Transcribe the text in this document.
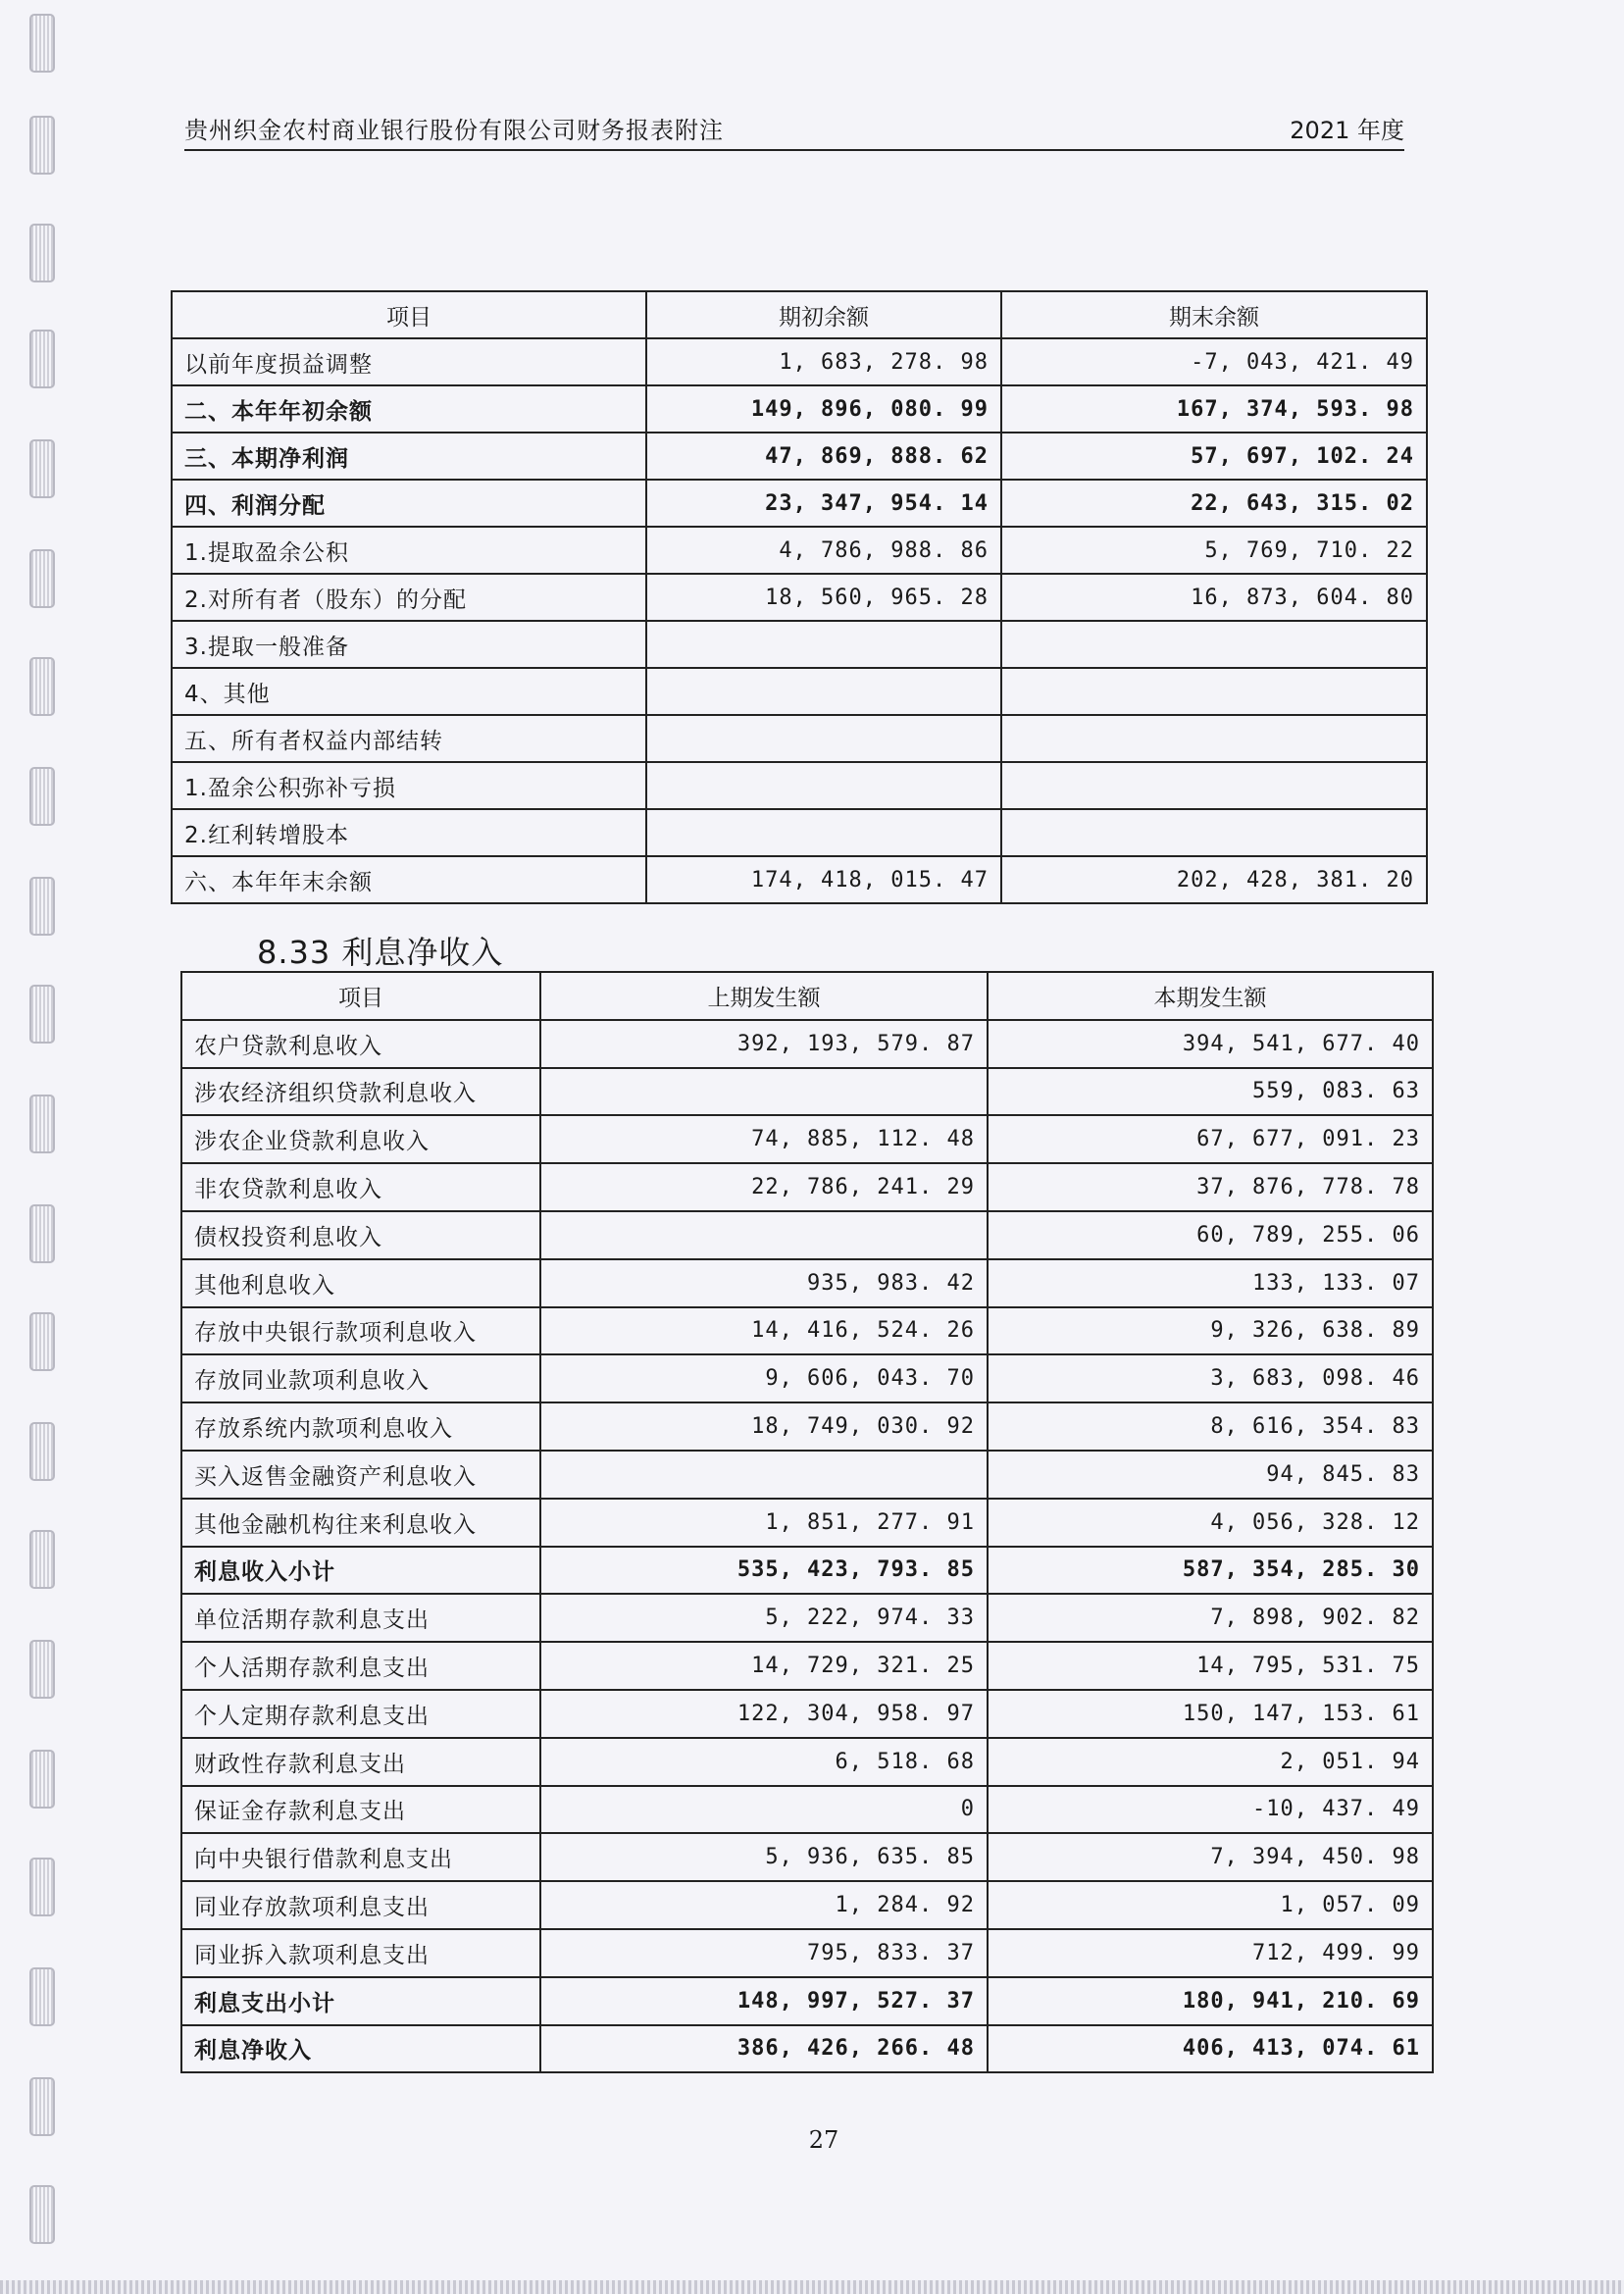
贵州织金农村商业银行股份有限公司财务报表附注	2021 年度
项目	期初余额	期末余额
以前年度损益调整	1, 683, 278. 98	-7, 043, 421. 49
二、本年年初余额	149, 896, 080. 99	167, 374, 593. 98
三、本期净利润	47, 869, 888. 62	57, 697, 102. 24
四、利润分配	23, 347, 954. 14	22, 643, 315. 02
1.提取盈余公积	4, 786, 988. 86	5, 769, 710. 22
2.对所有者（股东）的分配	18, 560, 965. 28	16, 873, 604. 80
3.提取一般准备		
4、其他		
五、所有者权益内部结转		
1.盈余公积弥补亏损		
2.红利转增股本		
六、本年年末余额	174, 418, 015. 47	202, 428, 381. 20
8.33 利息净收入
项目	上期发生额	本期发生额
农户贷款利息收入	392, 193, 579. 87	394, 541, 677. 40
涉农经济组织贷款利息收入		559, 083. 63
涉农企业贷款利息收入	74, 885, 112. 48	67, 677, 091. 23
非农贷款利息收入	22, 786, 241. 29	37, 876, 778. 78
债权投资利息收入		60, 789, 255. 06
其他利息收入	935, 983. 42	133, 133. 07
存放中央银行款项利息收入	14, 416, 524. 26	9, 326, 638. 89
存放同业款项利息收入	9, 606, 043. 70	3, 683, 098. 46
存放系统内款项利息收入	18, 749, 030. 92	8, 616, 354. 83
买入返售金融资产利息收入		94, 845. 83
其他金融机构往来利息收入	1, 851, 277. 91	4, 056, 328. 12
利息收入小计	535, 423, 793. 85	587, 354, 285. 30
单位活期存款利息支出	5, 222, 974. 33	7, 898, 902. 82
个人活期存款利息支出	14, 729, 321. 25	14, 795, 531. 75
个人定期存款利息支出	122, 304, 958. 97	150, 147, 153. 61
财政性存款利息支出	6, 518. 68	2, 051. 94
保证金存款利息支出	0	-10, 437. 49
向中央银行借款利息支出	5, 936, 635. 85	7, 394, 450. 98
同业存放款项利息支出	1, 284. 92	1, 057. 09
同业拆入款项利息支出	795, 833. 37	712, 499. 99
利息支出小计	148, 997, 527. 37	180, 941, 210. 69
利息净收入	386, 426, 266. 48	406, 413, 074. 61
27
